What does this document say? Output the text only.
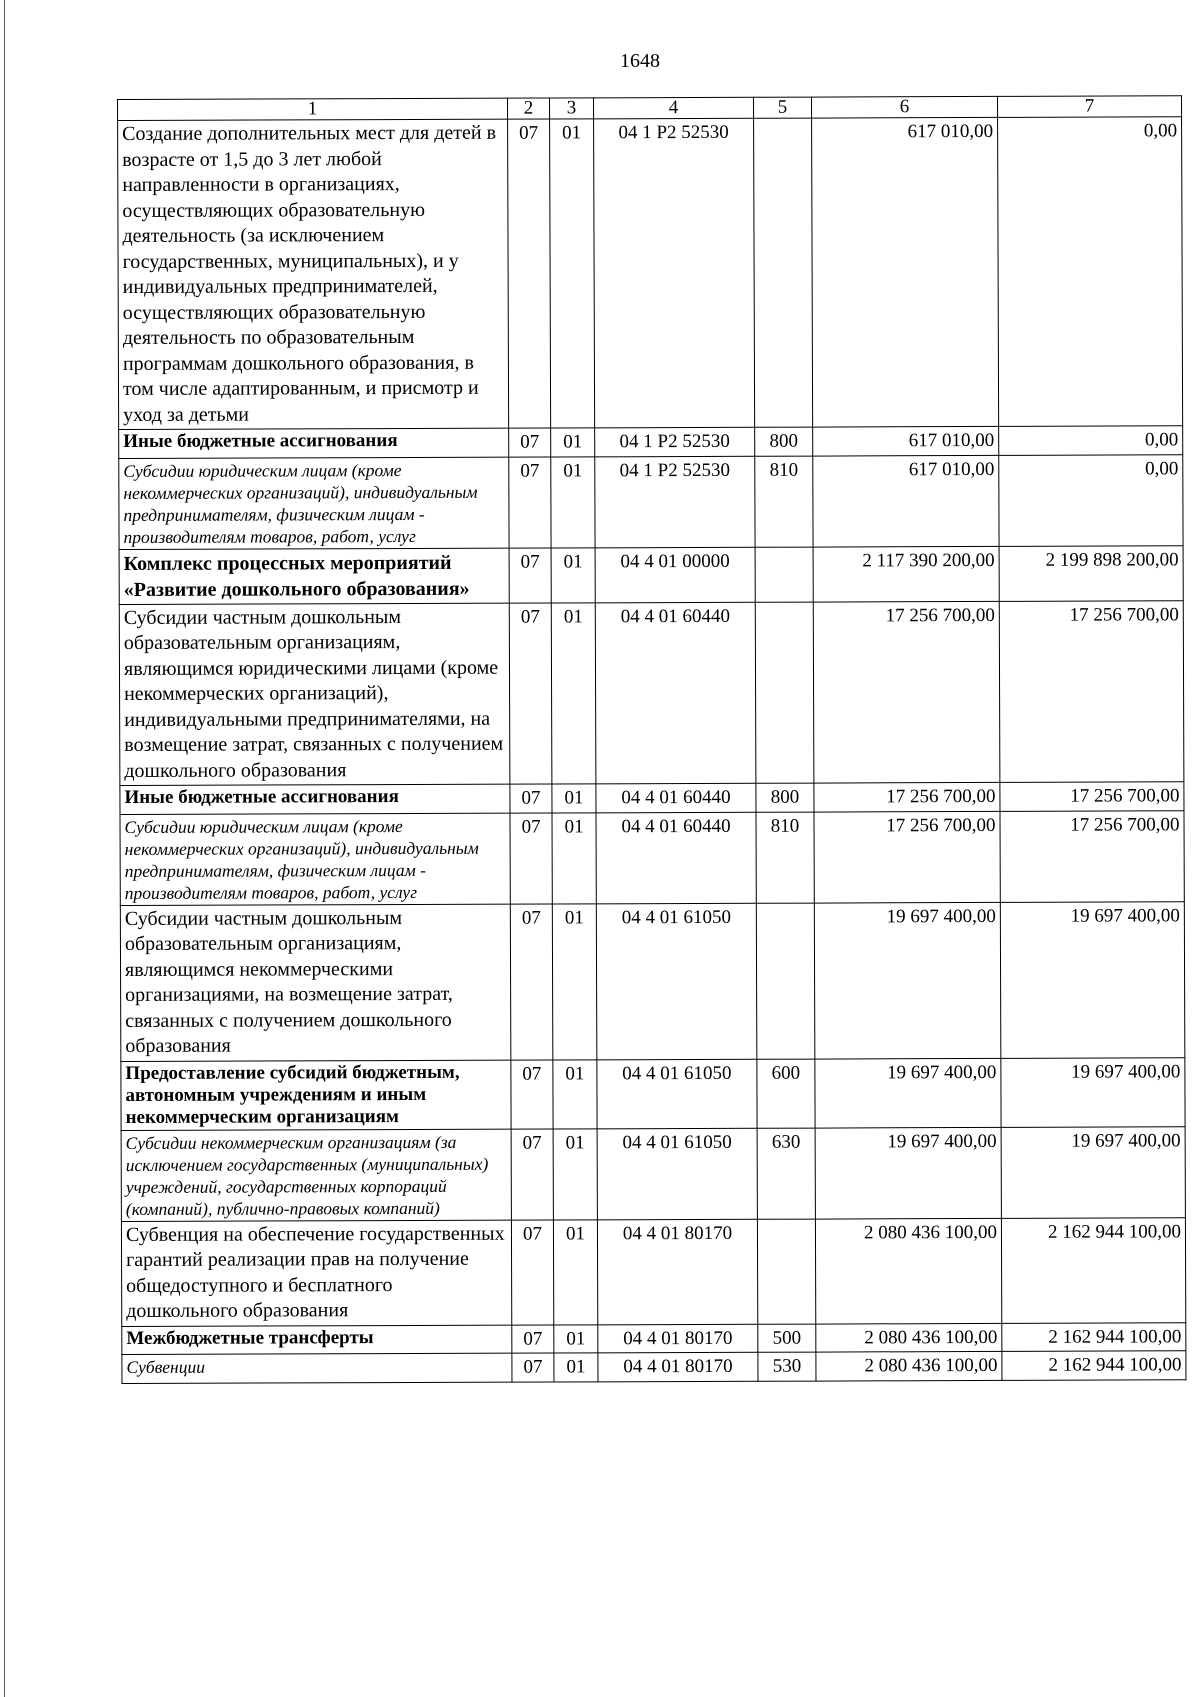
1648
1	2	3	4	5	6	7
Создание дополнительных мест для детей в возрасте от 1,5 до 3 лет любой направленности в организациях, осуществляющих образовательную деятельность (за исключением государственных, муниципальных), и у индивидуальных предпринимателей, осуществляющих образовательную деятельность по образовательным программам дошкольного образования, в том числе адаптированным, и присмотр и уход за детьми	07	01	04 1 Р2 52530		617 010,00	0,00
Иные бюджетные ассигнования	07	01	04 1 Р2 52530	800	617 010,00	0,00
Субсидии юридическим лицам (кроме некоммерческих организаций), индивидуальным предпринимателям, физическим лицам - производителям товаров, работ, услуг	07	01	04 1 Р2 52530	810	617 010,00	0,00
Комплекс процессных мероприятий «Развитие дошкольного образования»	07	01	04 4 01 00000		2 117 390 200,00	2 199 898 200,00
Субсидии частным дошкольным образовательным организациям, являющимся юридическими лицами (кроме некоммерческих организаций), индивидуальными предпринимателями, на возмещение затрат, связанных с получением дошкольного образования	07	01	04 4 01 60440		17 256 700,00	17 256 700,00
Иные бюджетные ассигнования	07	01	04 4 01 60440	800	17 256 700,00	17 256 700,00
Субсидии юридическим лицам (кроме некоммерческих организаций), индивидуальным предпринимателям, физическим лицам - производителям товаров, работ, услуг	07	01	04 4 01 60440	810	17 256 700,00	17 256 700,00
Субсидии частным дошкольным образовательным организациям, являющимся некоммерческими организациями, на возмещение затрат, связанных с получением дошкольного образования	07	01	04 4 01 61050		19 697 400,00	19 697 400,00
Предоставление субсидий бюджетным, автономным учреждениям и иным некоммерческим организациям	07	01	04 4 01 61050	600	19 697 400,00	19 697 400,00
Субсидии некоммерческим организациям (за исключением государственных (муниципальных) учреждений, государственных корпораций (компаний), публично-правовых компаний)	07	01	04 4 01 61050	630	19 697 400,00	19 697 400,00
Субвенция на обеспечение государственных гарантий реализации прав на получение общедоступного и бесплатного дошкольного образования	07	01	04 4 01 80170		2 080 436 100,00	2 162 944 100,00
Межбюджетные трансферты	07	01	04 4 01 80170	500	2 080 436 100,00	2 162 944 100,00
Субвенции	07	01	04 4 01 80170	530	2 080 436 100,00	2 162 944 100,00
